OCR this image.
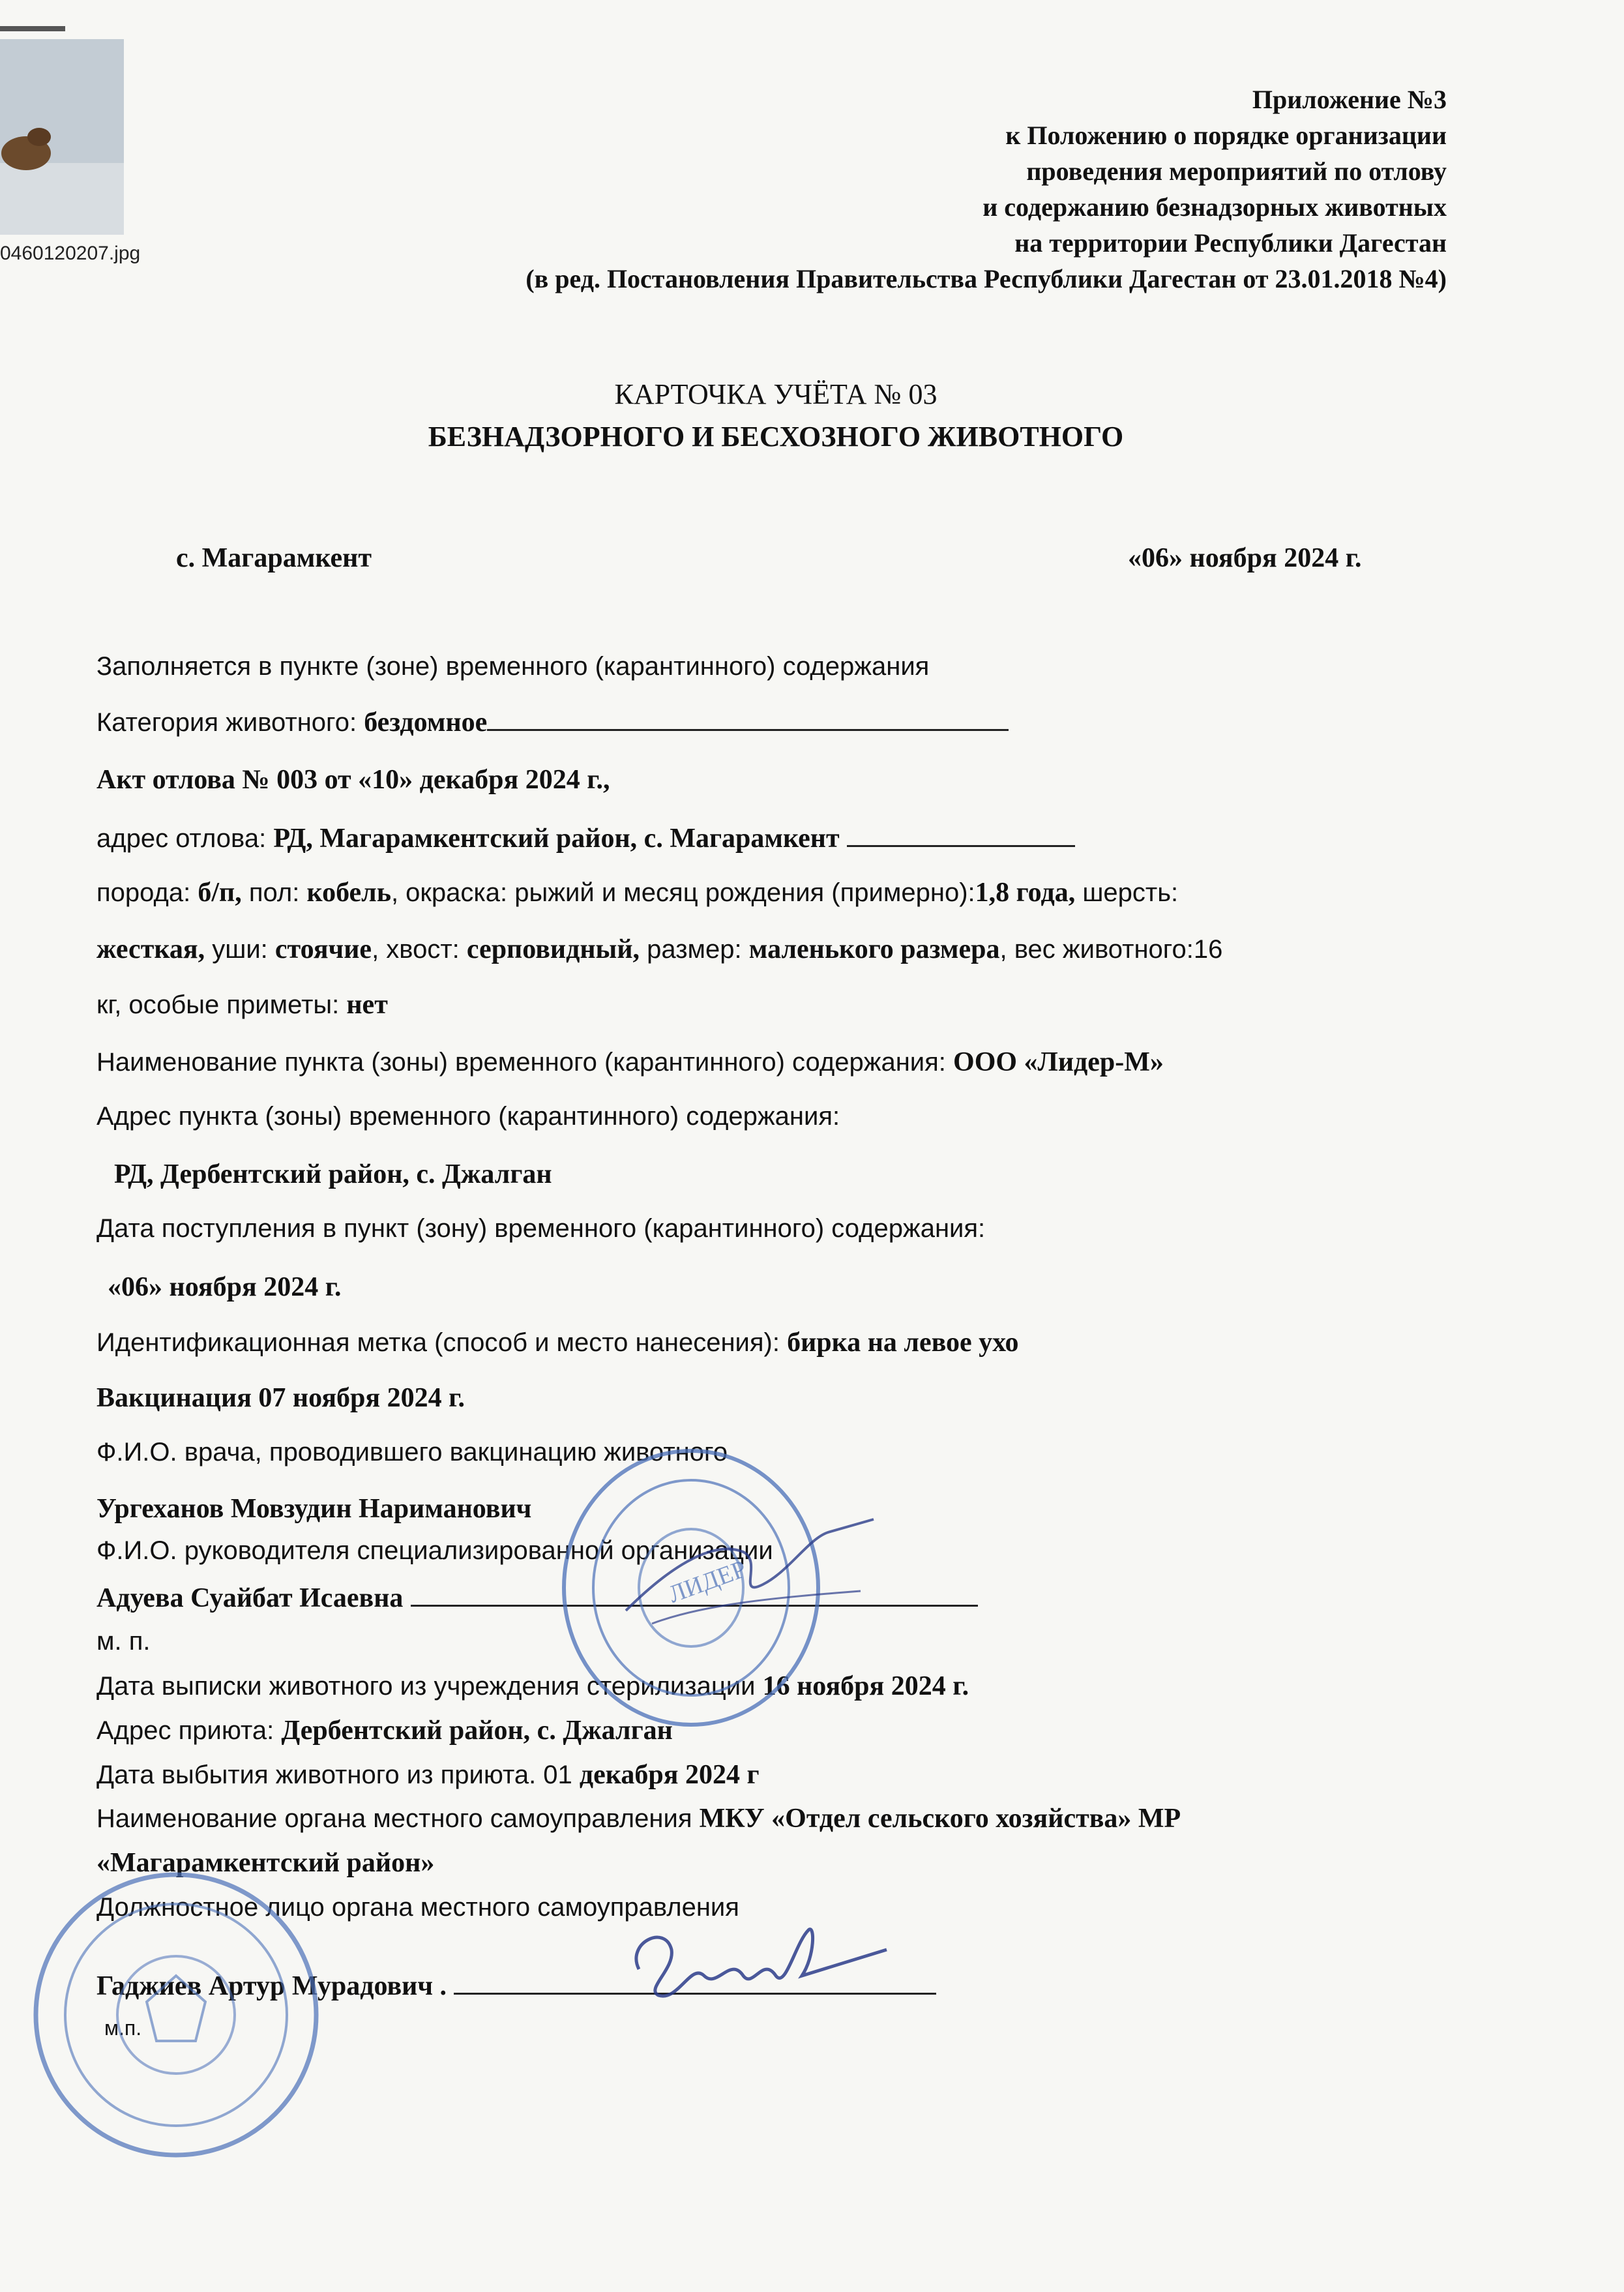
0460120207.jpg
Приложение №3
к Положению о порядке организации
проведения мероприятий по отлову
и содержанию безнадзорных животных
на территории Республики Дагестан
(в ред. Постановления Правительства Республики Дагестан от 23.01.2018 №4)
КАРТОЧКА УЧЁТА № 03
БЕЗНАДЗОРНОГО И БЕСХОЗНОГО ЖИВОТНОГО
с. Магарамкент	«06» ноября 2024 г.
Заполняется в пункте (зоне) временного (карантинного) содержания
Категория животного: бездомное
Акт отлова № 003 от «10» декабря 2024 г.,
адрес отлова: РД, Магарамкентский район, с. Магарамкент
порода: б/п, пол: кобель, окраска: рыжий и месяц рождения (примерно):1,8 года, шерсть:
жесткая, уши: стоячие, хвост: серповидный, размер: маленького размера, вес животного:16
кг, особые приметы: нет
Наименование пункта (зоны) временного (карантинного) содержания: ООО «Лидер-М»
Адрес пункта (зоны) временного (карантинного) содержания:
РД, Дербентский район, с. Джалган
Дата поступления в пункт (зону) временного (карантинного) содержания:
«06» ноября 2024 г.
Идентификационная метка (способ и место нанесения): бирка на левое ухо
Вакцинация 07 ноября 2024 г.
Ф.И.О. врача, проводившего вакцинацию животного
Ургеханов Мовзудин Нариманович
Ф.И.О. руководителя специализированной организации
Адуева Суайбат Исаевна
м. п.
Дата выписки животного из учреждения стерилизации 16 ноября 2024 г.
Адрес приюта: Дербентский район, с. Джалган
Дата выбытия животного из приюта. 01 декабря 2024 г
Наименование органа местного самоуправления МКУ «Отдел сельского хозяйства» МР
«Магарамкентский район»
Должностное лицо органа местного самоуправления
Гаджиев Артур Мурадович .
м.п.
ЛИДЕР
